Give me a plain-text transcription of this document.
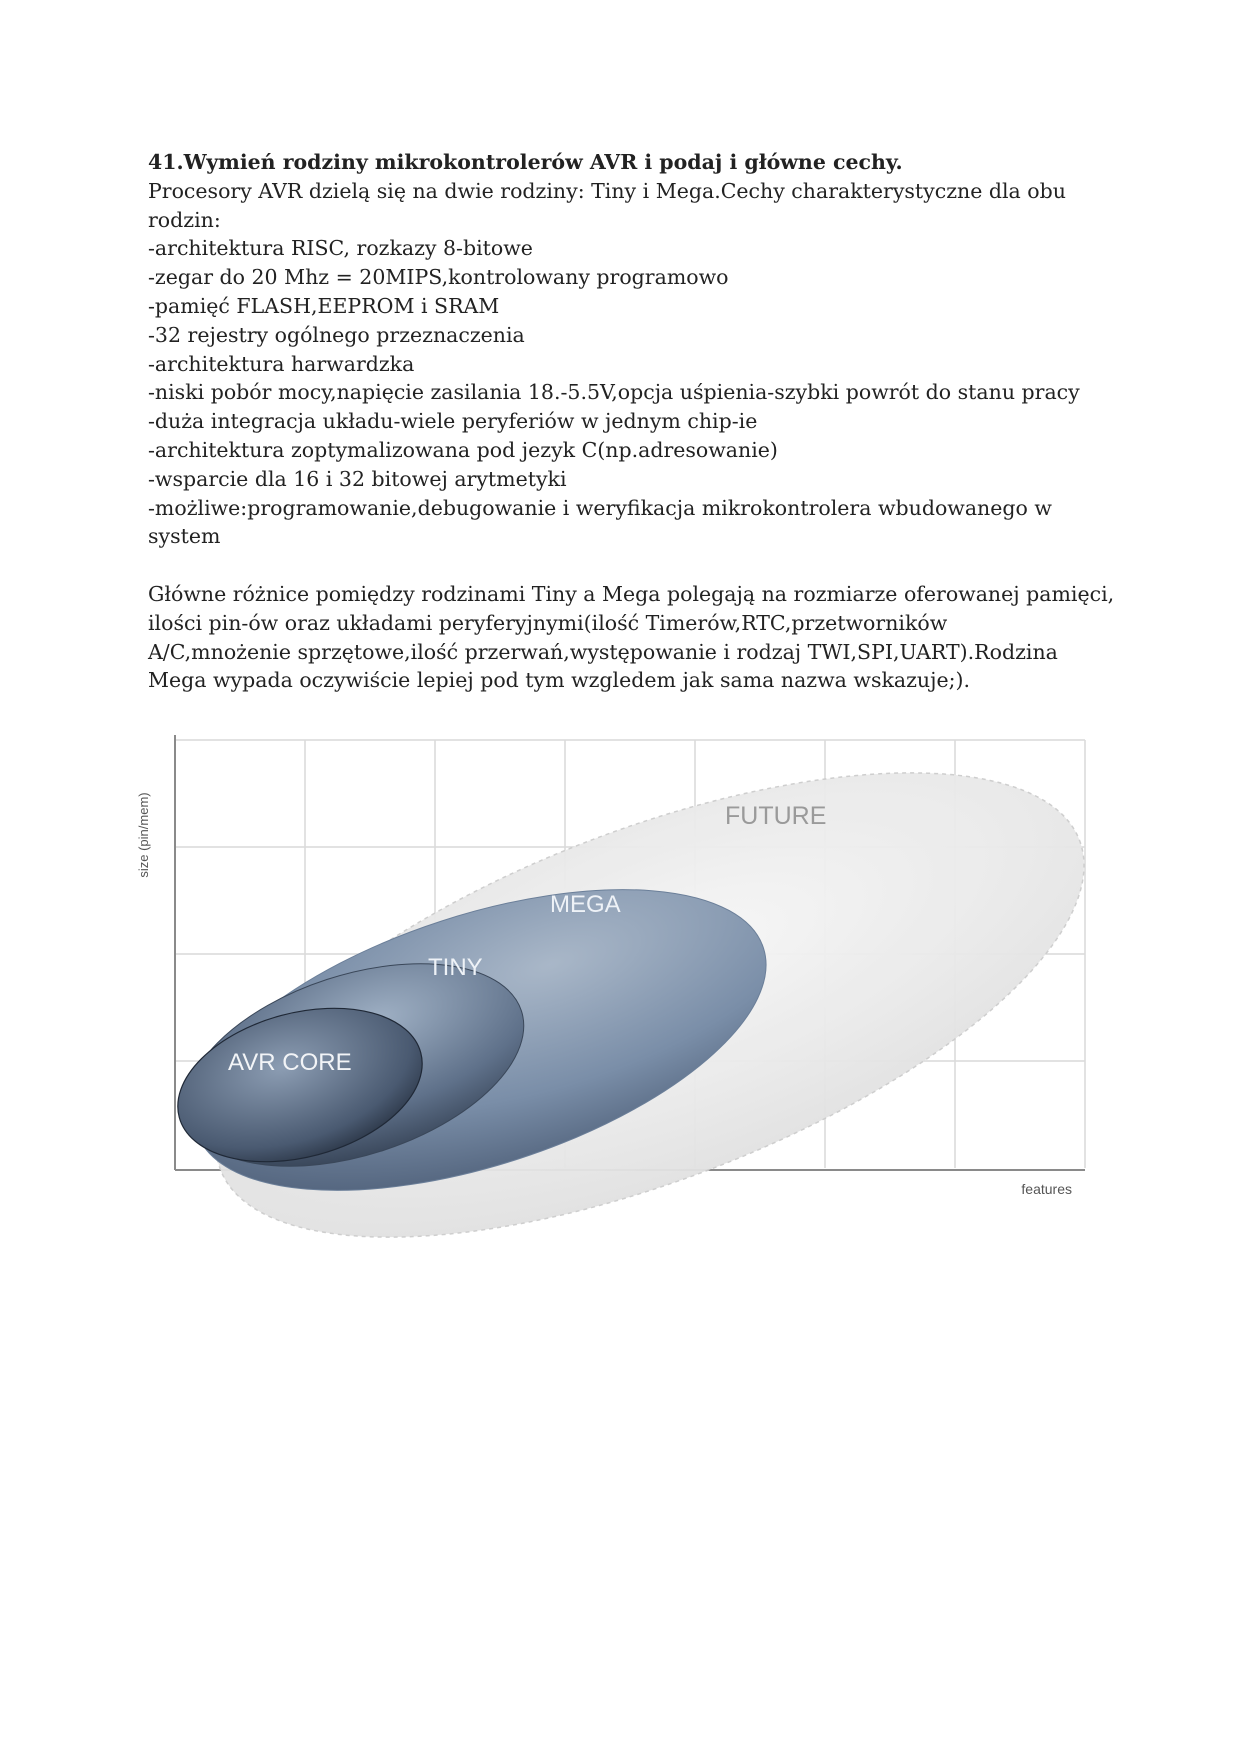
41.Wymień rodziny mikrokontrolerów AVR i podaj i główne cechy.
Procesory AVR dzielą się na dwie rodziny: Tiny i Mega.Cechy charakterystyczne dla obu
rodzin:
-architektura RISC, rozkazy 8-bitowe
-zegar do 20 Mhz = 20MIPS,kontrolowany programowo
-pamięć FLASH,EEPROM i SRAM
-32 rejestry ogólnego przeznaczenia
-architektura harwardzka
-niski pobór mocy,napięcie zasilania 18.-5.5V,opcja uśpienia-szybki powrót do stanu pracy
-duża integracja układu-wiele peryferiów w jednym chip-ie
-architektura zoptymalizowana pod jezyk C(np.adresowanie)
-wsparcie dla 16 i 32 bitowej arytmetyki
-możliwe:programowanie,debugowanie i weryfikacja mikrokontrolera wbudowanego w
system
Główne różnice pomiędzy rodzinami Tiny a Mega polegają na rozmiarze oferowanej pamięci,
ilości pin-ów oraz układami peryferyjnymi(ilość Timerów,RTC,przetworników
A/C,mnożenie sprzętowe,ilość przerwań,występowanie i rodzaj TWI,SPI,UART).Rodzina
Mega wypada oczywiście lepiej pod tym wzgledem jak sama nazwa wskazuje;).
FUTURE
MEGA
TINY
AVR CORE
size (pin/mem)
features
